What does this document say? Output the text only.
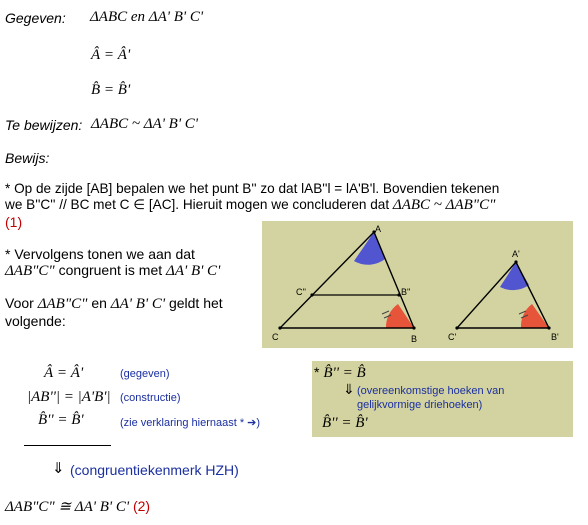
Gegeven: ΔABC en ΔA' B' C'
Â = Â'
B̂ = B̂'
Te bewijzen: ΔABC ~ ΔA' B' C'
Bewijs:
* Op de zijde [AB] bepalen we het punt B'' zo dat lAB''l = lA'B'l. Bovendien tekenen
we B''C'' // BC met C ∈ [AC]. Hieruit mogen we concluderen dat ΔABC ~ ΔAB"C"
(1)
* Vervolgens tonen we aan dat
ΔAB"C" congruent is met ΔA' B' C'
Voor ΔAB"C" en ΔA' B' C' geldt het
volgende:
A
C	B
B''
C''
A'
C'	B'
Â = Â'	(gegeven)
|AB''| = |A'B'| (constructie)
B̂'' = B̂'	(zie verklaring hiernaast * ➔)
* B̂'' = B̂
⇓ (overeenkomstige hoeken van
gelijkvormige driehoeken)
B̂'' = B̂'
⇓ (congruentiekenmerk HZH)
ΔAB"C" ≅ ΔA' B' C' (2)
